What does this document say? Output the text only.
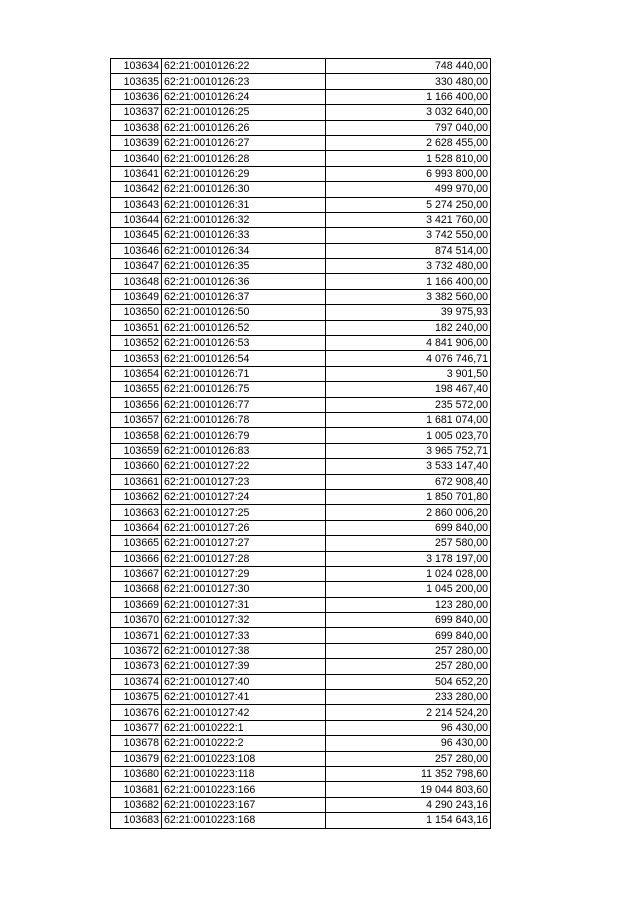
103634	62:21:0010126:22	748 440,00
103635	62:21:0010126:23	330 480,00
103636	62:21:0010126:24	1 166 400,00
103637	62:21:0010126:25	3 032 640,00
103638	62:21:0010126:26	797 040,00
103639	62:21:0010126:27	2 628 455,00
103640	62:21:0010126:28	1 528 810,00
103641	62:21:0010126:29	6 993 800,00
103642	62:21:0010126:30	499 970,00
103643	62:21:0010126:31	5 274 250,00
103644	62:21:0010126:32	3 421 760,00
103645	62:21:0010126:33	3 742 550,00
103646	62:21:0010126:34	874 514,00
103647	62:21:0010126:35	3 732 480,00
103648	62:21:0010126:36	1 166 400,00
103649	62:21:0010126:37	3 382 560,00
103650	62:21:0010126:50	39 975,93
103651	62:21:0010126:52	182 240,00
103652	62:21:0010126:53	4 841 906,00
103653	62:21:0010126:54	4 076 746,71
103654	62:21:0010126:71	3 901,50
103655	62:21:0010126:75	198 467,40
103656	62:21:0010126:77	235 572,00
103657	62:21:0010126:78	1 681 074,00
103658	62:21:0010126:79	1 005 023,70
103659	62:21:0010126:83	3 965 752,71
103660	62:21:0010127:22	3 533 147,40
103661	62:21:0010127:23	672 908,40
103662	62:21:0010127:24	1 850 701,80
103663	62:21:0010127:25	2 860 006,20
103664	62:21:0010127:26	699 840,00
103665	62:21:0010127:27	257 580,00
103666	62:21:0010127:28	3 178 197,00
103667	62:21:0010127:29	1 024 028,00
103668	62:21:0010127:30	1 045 200,00
103669	62:21:0010127:31	123 280,00
103670	62:21:0010127:32	699 840,00
103671	62:21:0010127:33	699 840,00
103672	62:21:0010127:38	257 280,00
103673	62:21:0010127:39	257 280,00
103674	62:21:0010127:40	504 652,20
103675	62:21:0010127:41	233 280,00
103676	62:21:0010127:42	2 214 524,20
103677	62:21:0010222:1	96 430,00
103678	62:21:0010222:2	96 430,00
103679	62:21:0010223:108	257 280,00
103680	62:21:0010223:118	11 352 798,60
103681	62:21:0010223:166	19 044 803,60
103682	62:21:0010223:167	4 290 243,16
103683	62:21:0010223:168	1 154 643,16
